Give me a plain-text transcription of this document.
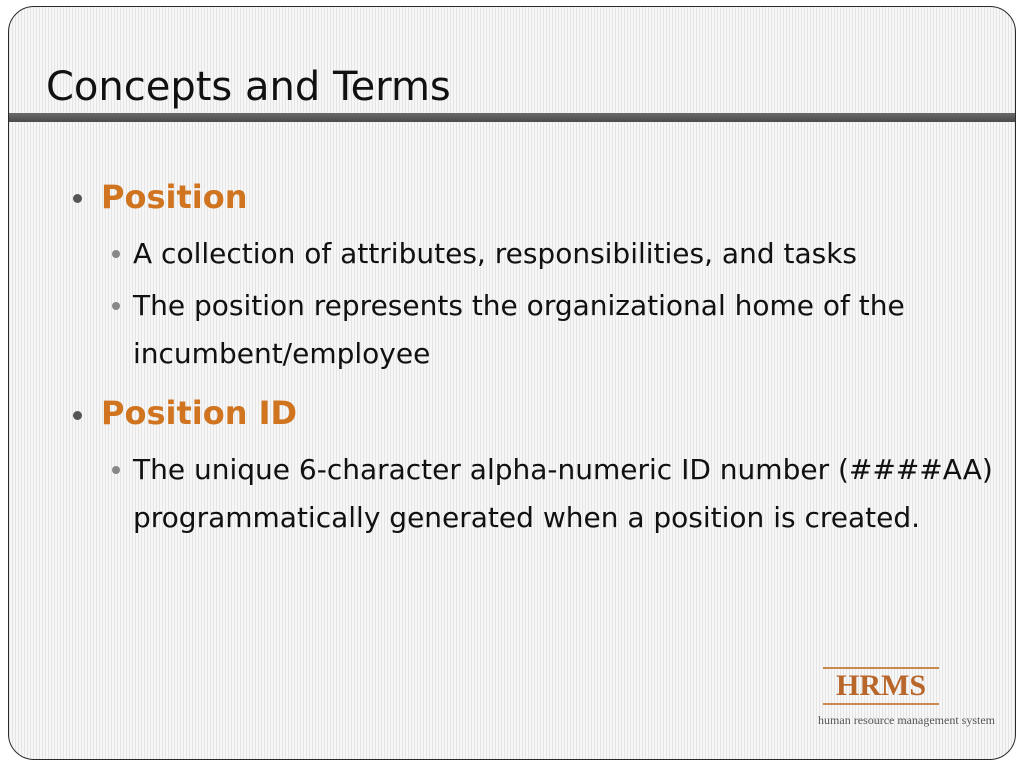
Concepts and Terms

Position

A collection of attributes, responsibilities, and tasks

The position represents the organizational home of the incumbent/employee

Position ID

The unique 6-character alpha-numeric ID number (####AA) programmatically generated when a position is created.

HRMS
human resource management system
